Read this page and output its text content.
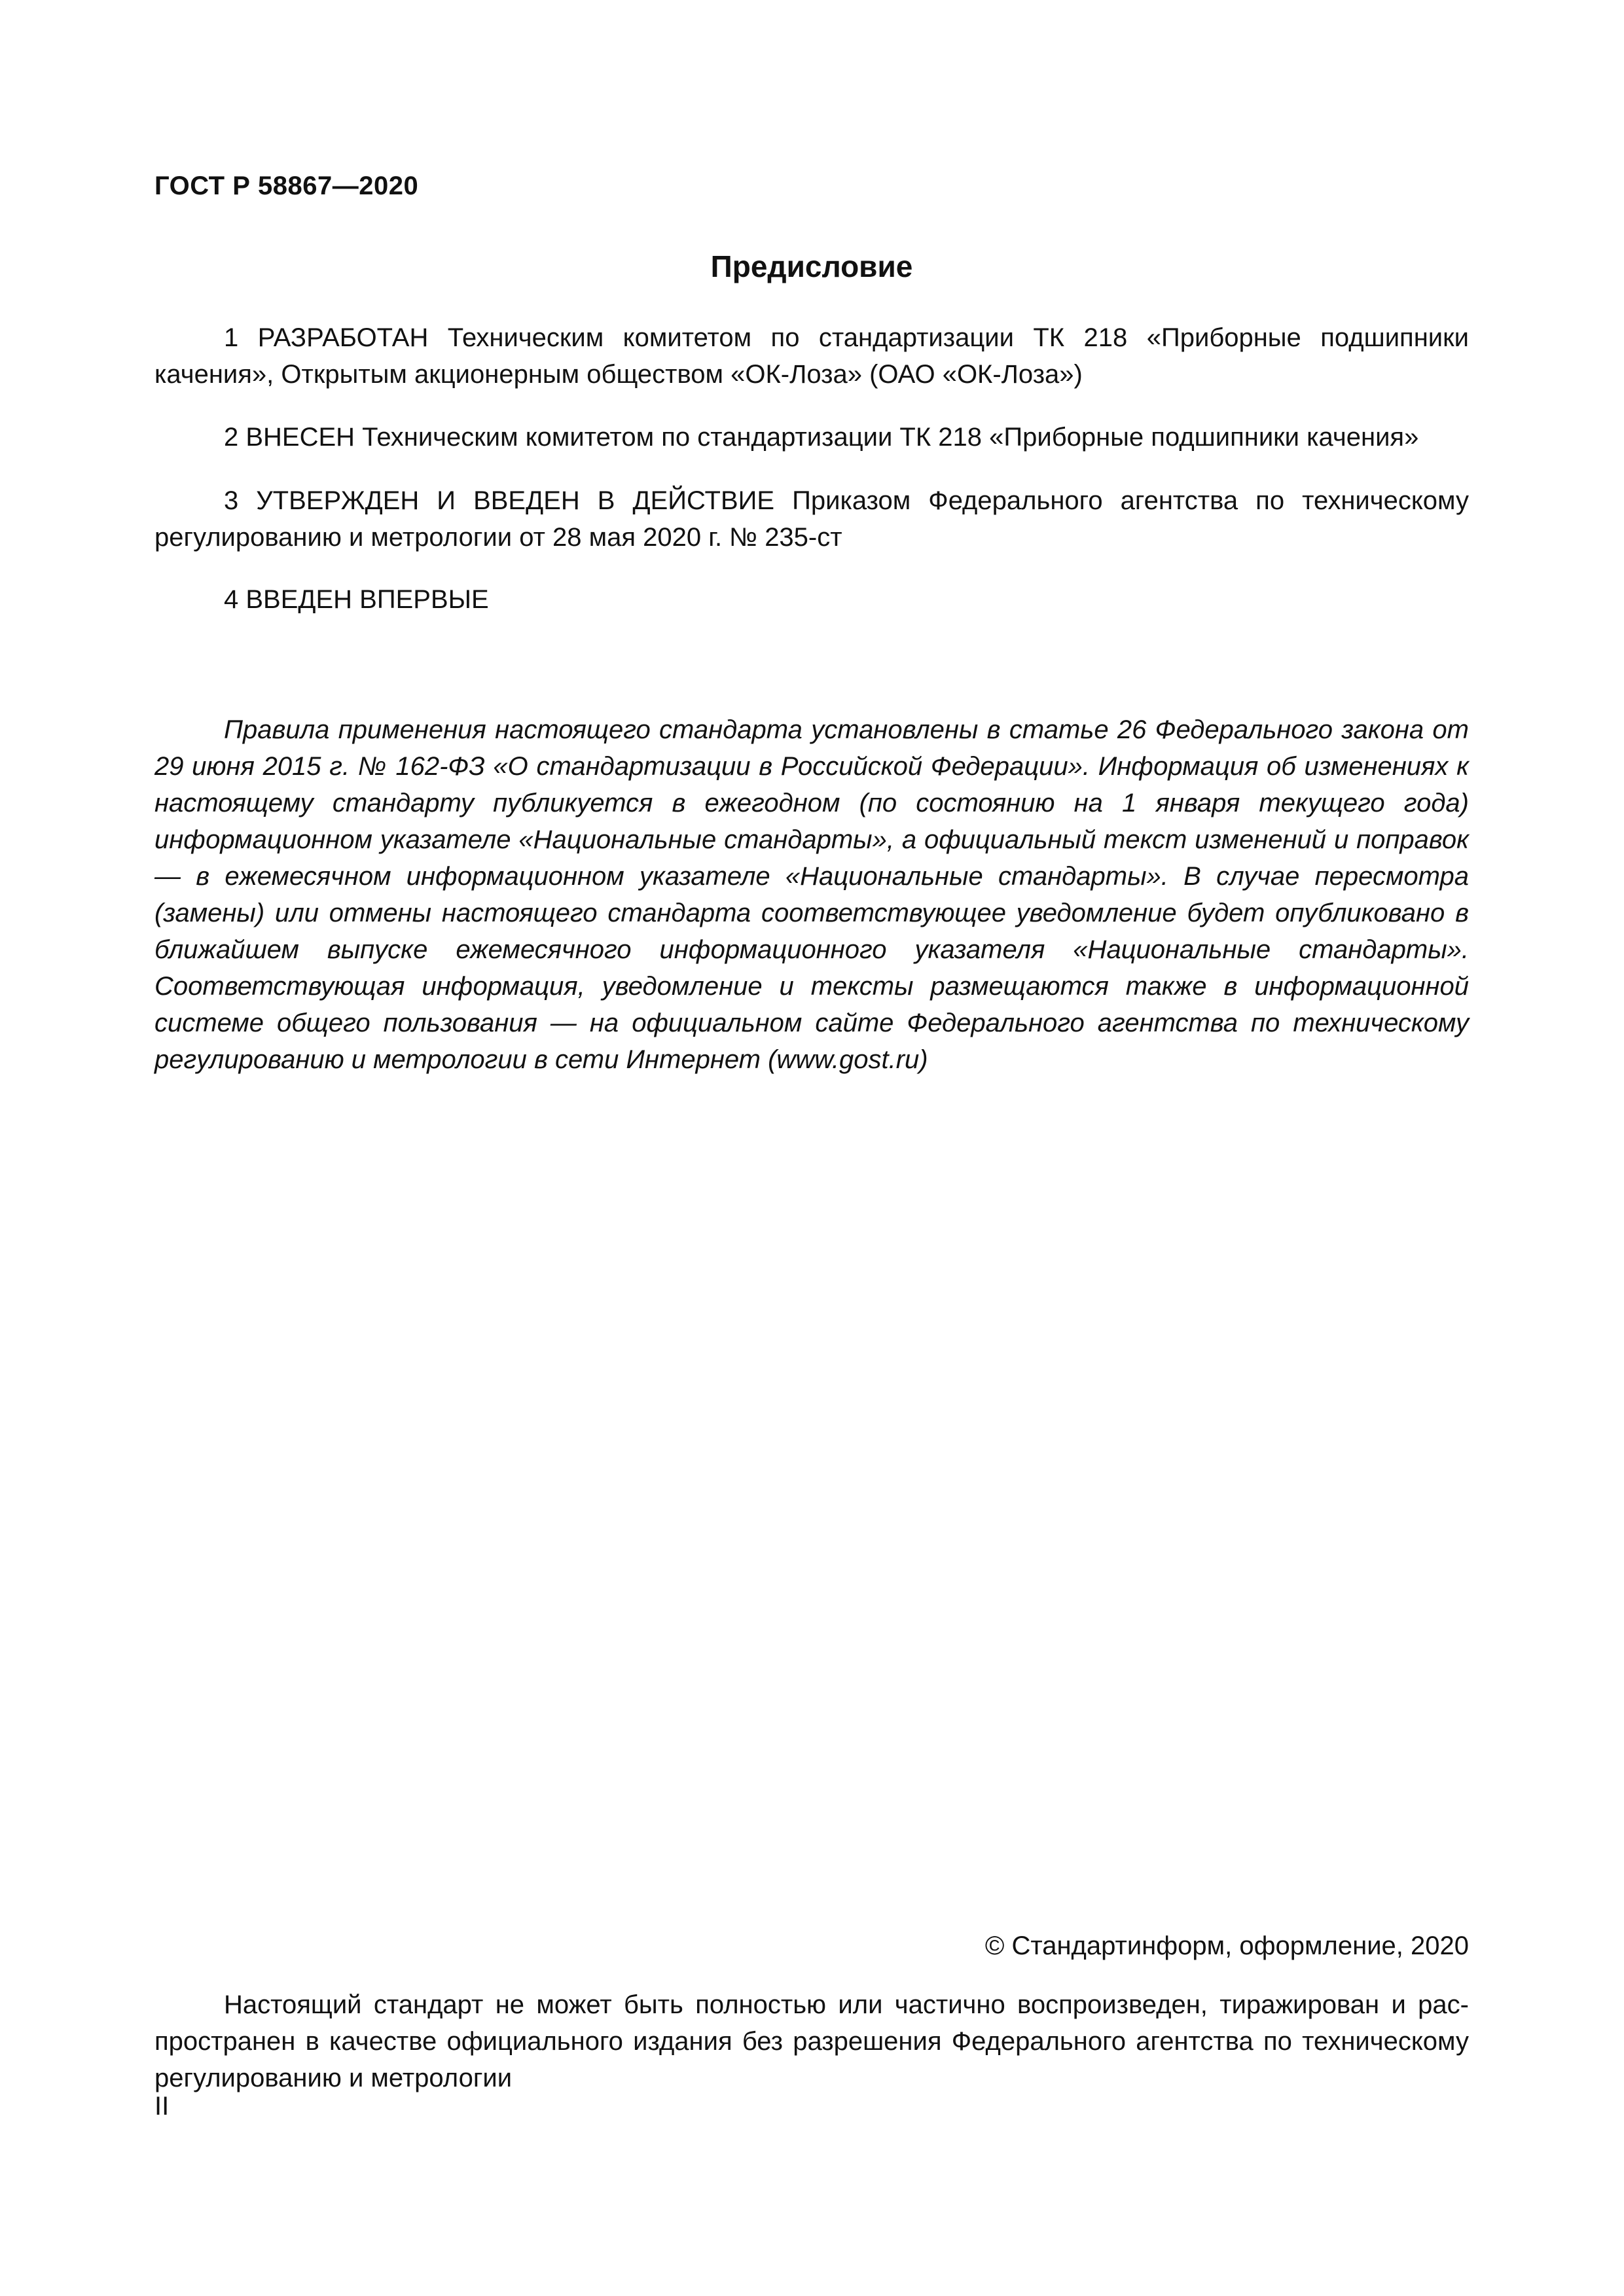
ГОСТ Р 58867—2020
Предисловие

1 РАЗРАБОТАН Техническим комитетом по стандартизации ТК 218 «Приборные подшипники качения», Открытым акционерным обществом «ОК-Лоза» (ОАО «ОК-Лоза»)

2 ВНЕСЕН Техническим комитетом по стандартизации ТК 218 «Приборные подшипники качения»

3 УТВЕРЖДЕН И ВВЕДЕН В ДЕЙСТВИЕ Приказом Федерального агентства по техническому регулированию и метрологии от 28 мая 2020 г. № 235-ст

4 ВВЕДЕН ВПЕРВЫЕ

Правила применения настоящего стандарта установлены в статье 26 Федерального закона от 29 июня 2015 г. № 162-ФЗ «О стандартизации в Российской Федерации». Информация об изменениях к настоящему стандарту публикуется в ежегодном (по состоянию на 1 января текущего года) информационном указателе «Национальные стандарты», а официальный текст изменений и поправок — в ежемесячном информационном указателе «Национальные стандарты». В случае пересмотра (замены) или отмены настоящего стандарта соответствующее уведомление будет опубликовано в ближайшем выпуске ежемесячного информационного указателя «Национальные стандарты». Соответствующая информация, уведомление и тексты размещаются также в информационной системе общего пользования — на официальном сайте Федерального агентства по техническому регулированию и метрологии в сети Интернет (www.gost.ru)

© Стандартинформ, оформление, 2020

Настоящий стандарт не может быть полностью или частично воспроизведен, тиражирован и распространен в качестве официального издания без разрешения Федерального агентства по техническому регулированию и метрологии

II
